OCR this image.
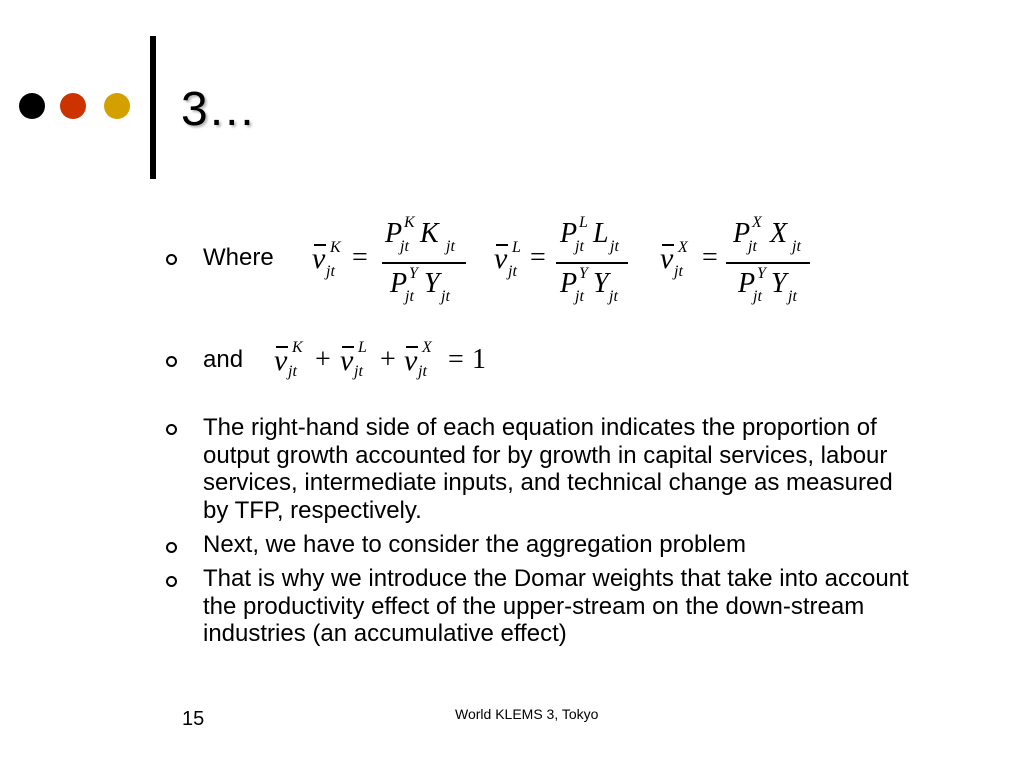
3…
Where v K
jt =
P K
jt K jt
P Y
jt Y jt
v L
jt =
P L
jt L jt
P Y
jt Y jt
v X
jt =
P X
jt X jt
P Y
jt Y jt
and v K
jt + v L
jt + v X
jt = 1
The right-hand side of each equation indicates the proportion of
output growth accounted for by growth in capital services, labour
services, intermediate inputs, and technical change as measured
by TFP, respectively.
Next, we have to consider the aggregation problem
That is why we introduce the Domar weights that take into account
the productivity effect of the upper-stream on the down-stream
industries (an accumulative effect)
15	World KLEMS 3, Tokyo
